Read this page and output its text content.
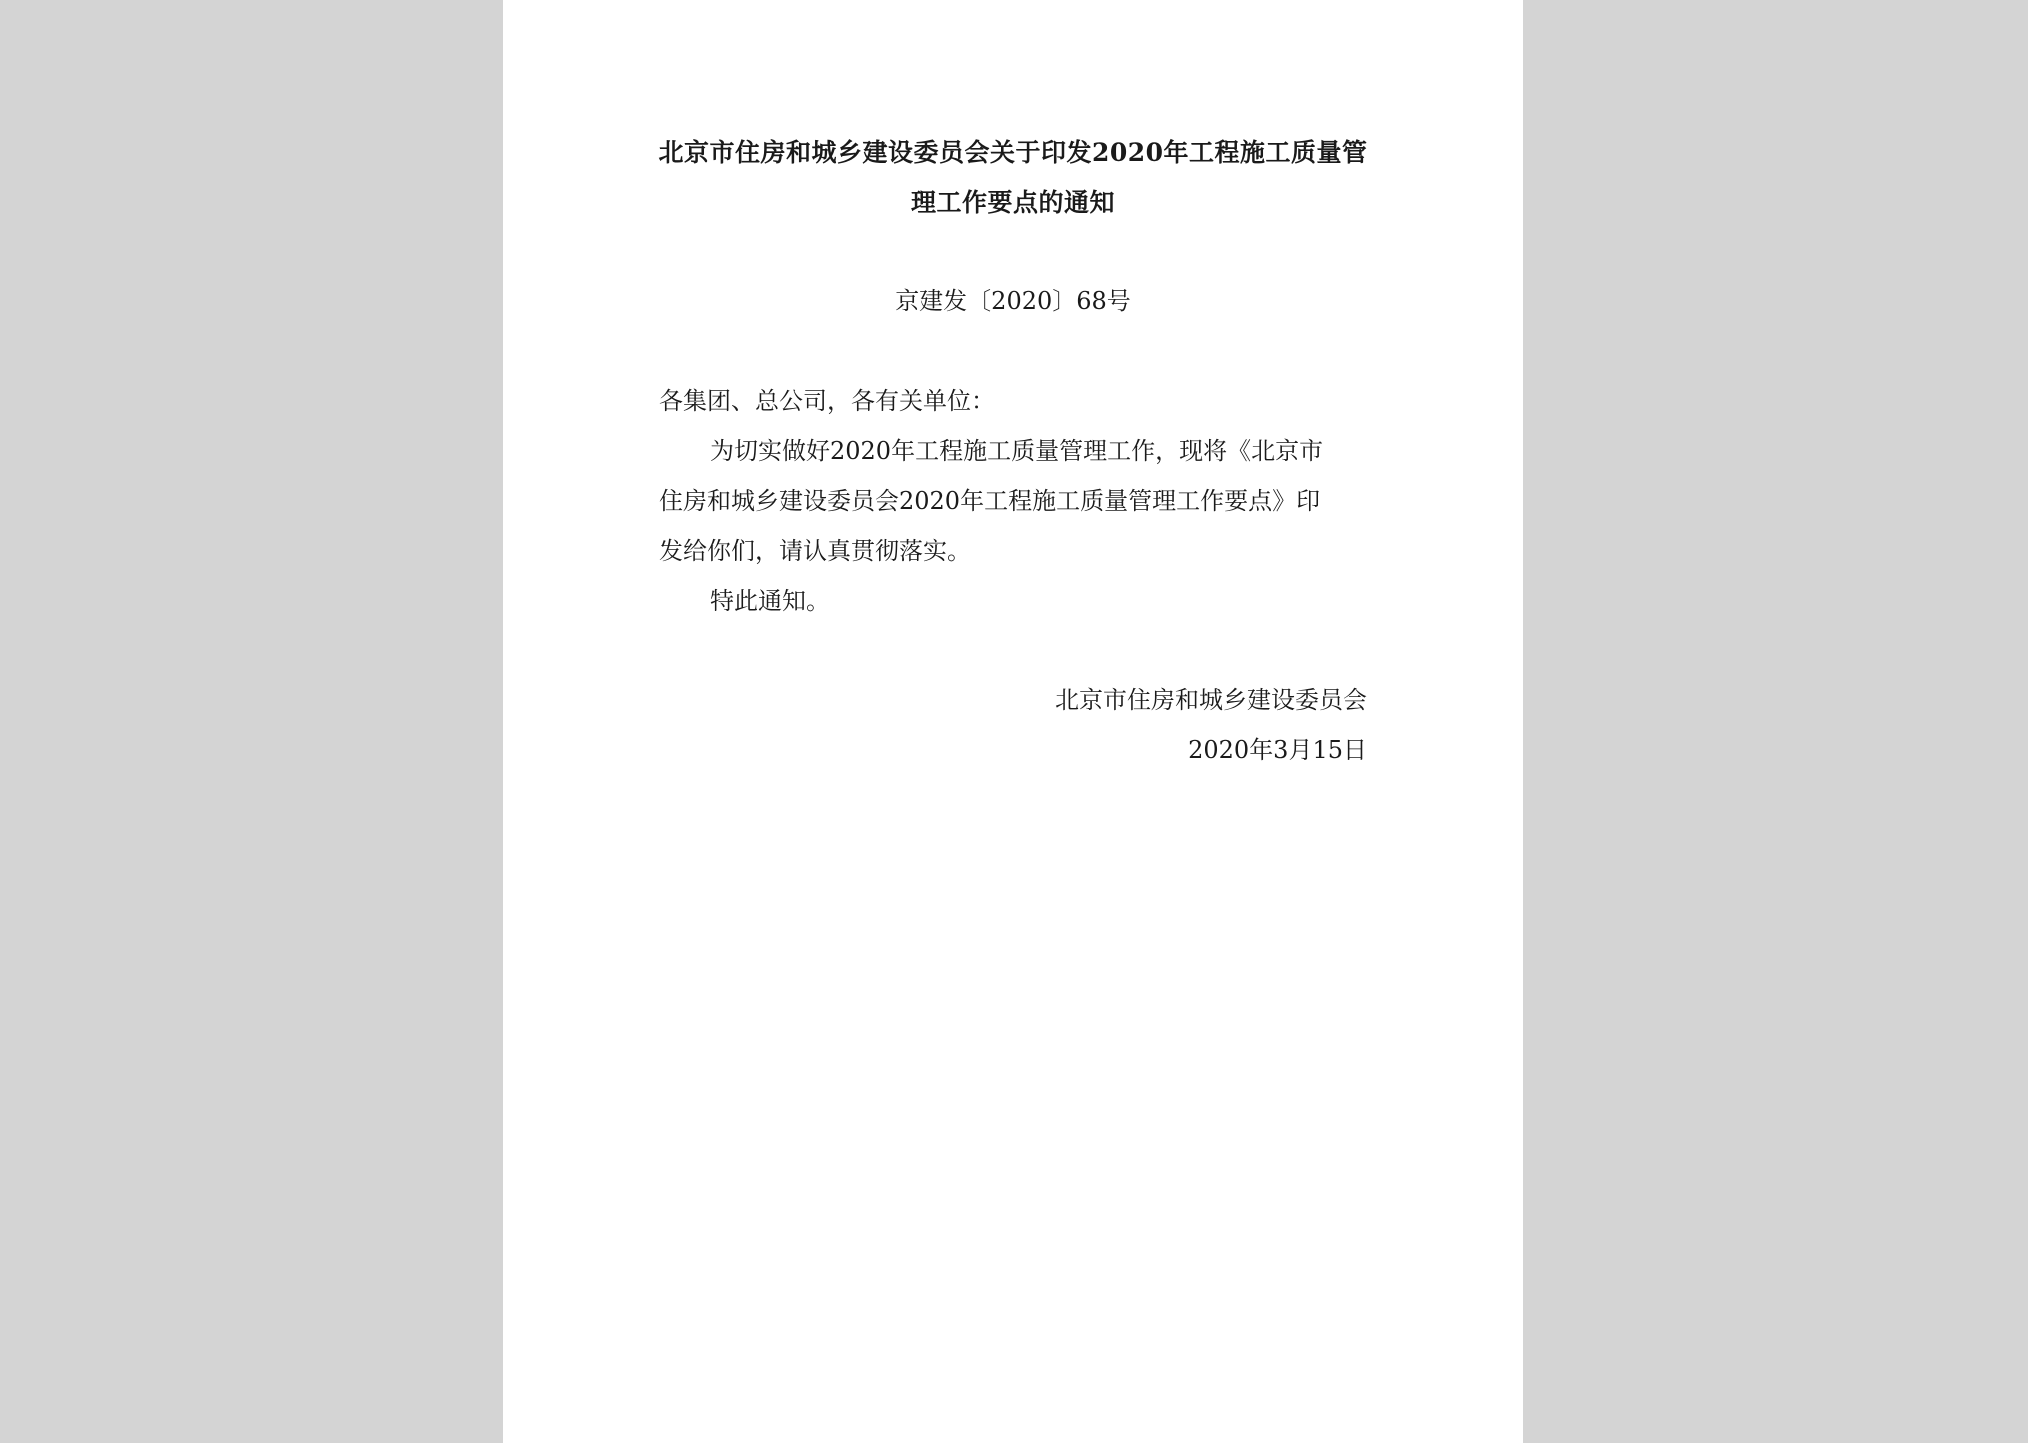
北京市住房和城乡建设委员会关于印发2020年工程施工质量管
理工作要点的通知
京建发〔2020〕68号
各集团、总公司，各有关单位：
为切实做好2020年工程施工质量管理工作，现将《北京市
住房和城乡建设委员会2020年工程施工质量管理工作要点》印
发给你们，请认真贯彻落实。
特此通知。
北京市住房和城乡建设委员会
2020年3月15日
